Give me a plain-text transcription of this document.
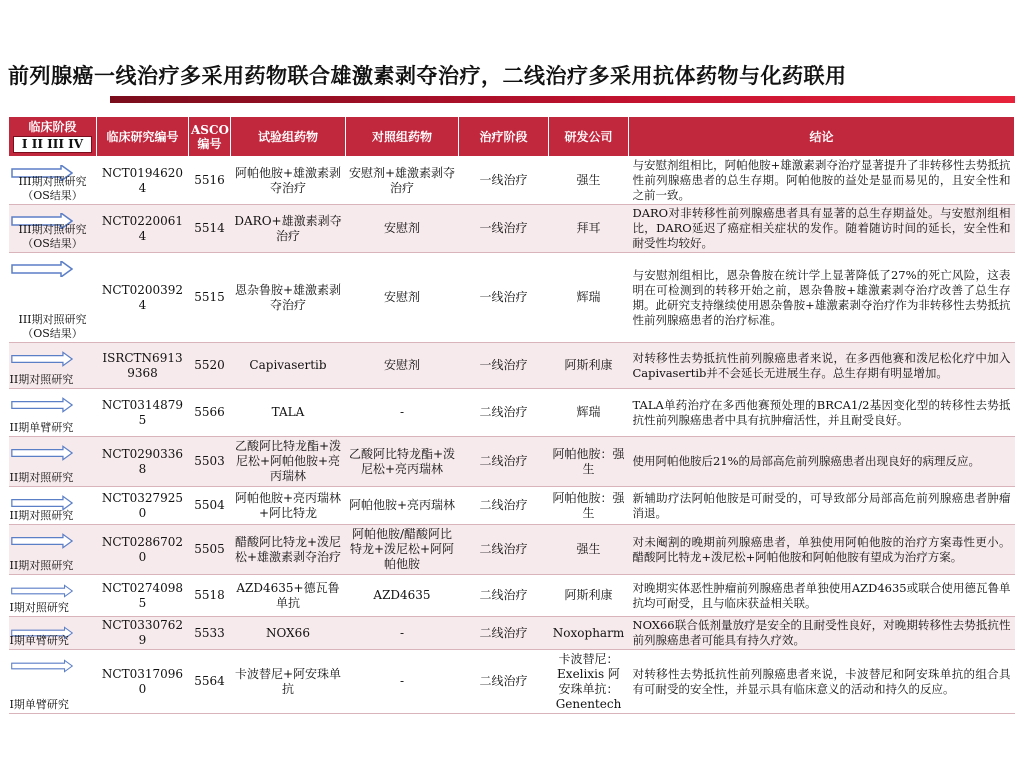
前列腺癌一线治疗多采用药物联合雄激素剥夺治疗，二线治疗多采用抗体药物与化药联用
临床阶段
I II III IV	临床研究编号	ASCO编号	试验组药物	对照组药物	治疗阶段	研发公司	结论

III期对照研究（OS结果）	NCT01946204	5516	阿帕他胺+雄激素剥夺治疗	安慰剂+雄激素剥夺治疗	一线治疗	强生	与安慰剂组相比，阿帕他胺+雄激素剥夺治疗显著提升了非转移性去势抵抗性前列腺癌患者的总生存期。阿帕他胺的益处是显而易见的，且安全性和之前一致。

III期对照研究（OS结果）	NCT02200614	5514	DARO+雄激素剥夺治疗	安慰剂	一线治疗	拜耳	DARO对非转移性前列腺癌患者具有显著的总生存期益处。与安慰剂组相比，DARO延迟了癌症相关症状的发作。随着随访时间的延长，安全性和耐受性均较好。

III期对照研究（OS结果）	NCT02003924	5515	恩杂鲁胺+雄激素剥夺治疗	安慰剂	一线治疗	辉瑞	与安慰剂组相比，恩杂鲁胺在统计学上显著降低了27%的死亡风险，这表明在可检测到的转移开始之前，恩杂鲁胺+雄激素剥夺治疗改善了总生存期。此研究支持继续使用恩杂鲁胺+雄激素剥夺治疗作为非转移性去势抵抗性前列腺癌患者的治疗标准。

II期对照研究	ISRCTN69139368	5520	Capivasertib	安慰剂	一线治疗	阿斯利康	对转移性去势抵抗性前列腺癌患者来说，在多西他赛和泼尼松化疗中加入Capivasertib并不会延长无进展生存。总生存期有明显增加。

II期单臂研究	NCT03148795	5566	TALA	-	二线治疗	辉瑞	TALA单药治疗在多西他赛预处理的BRCA1/2基因变化型的转移性去势抵抗性前列腺癌患者中具有抗肿瘤活性，并且耐受良好。

II期对照研究	NCT02903368	5503	乙酸阿比特龙酯+泼尼松+阿帕他胺+亮丙瑞林	乙酸阿比特龙酯+泼尼松+亮丙瑞林	二线治疗	阿帕他胺：强生	使用阿帕他胺后21%的局部高危前列腺癌患者出现良好的病理反应。

II期对照研究	NCT03279250	5504	阿帕他胺+亮丙瑞林+阿比特龙	阿帕他胺+亮丙瑞林	二线治疗	阿帕他胺：强生	新辅助疗法阿帕他胺是可耐受的，可导致部分局部高危前列腺癌患者肿瘤消退。

II期对照研究	NCT02867020	5505	醋酸阿比特龙+泼尼松+雄激素剥夺治疗	阿帕他胺/醋酸阿比特龙+泼尼松+阿阿帕他胺	二线治疗	强生	对未阉割的晚期前列腺癌患者，单独使用阿帕他胺的治疗方案毒性更小。醋酸阿比特龙+泼尼松+阿帕他胺和阿帕他胺有望成为治疗方案。

I期对照研究	NCT02740985	5518	AZD4635+德瓦鲁单抗	AZD4635	二线治疗	阿斯利康	对晚期实体恶性肿瘤前列腺癌患者单独使用AZD4635或联合使用德瓦鲁单抗均可耐受，且与临床获益相关联。

I期单臂研究	NCT03307629	5533	NOX66	-	二线治疗	Noxopharm	NOX66联合低剂量放疗是安全的且耐受性良好，对晚期转移性去势抵抗性前列腺癌患者可能具有持久疗效。

I期单臂研究	NCT03170960	5564	卡波替尼+阿安珠单抗	-	二线治疗	卡波替尼：Exelixis 阿安珠单抗：Genentech	对转移性去势抵抗性前列腺癌患者来说，卡波替尼和阿安珠单抗的组合具有可耐受的安全性，并显示具有临床意义的活动和持久的反应。
